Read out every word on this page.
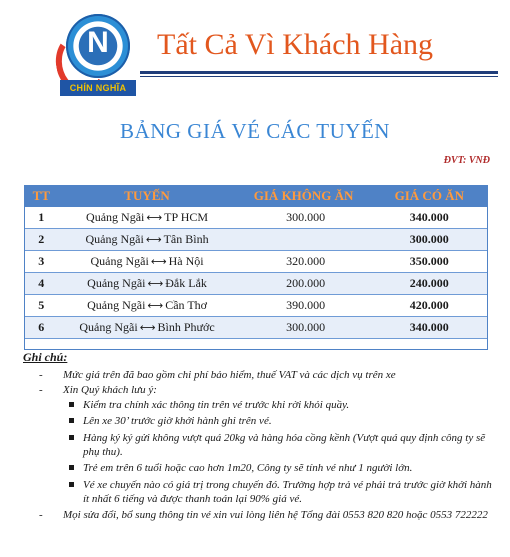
N
CHÍN NGHĨA
Tất Cả Vì Khách Hàng
BẢNG GIÁ VÉ CÁC TUYẾN
ĐVT: VNĐ
TT	TUYẾN	GIÁ KHÔNG ĂN	GIÁ CÓ ĂN
1	Quảng Ngãi ⟷ TP HCM	300.000	340.000
2	Quảng Ngãi ⟷ Tân Bình		300.000
3	Quảng Ngãi ⟷ Hà Nội	320.000	350.000
4	Quảng Ngãi ⟷ Đắk Lắk	200.000	240.000
5	Quảng Ngãi ⟷ Cần Thơ	390.000	420.000
6	Quảng Ngãi ⟷ Bình Phước	300.000	340.000
Ghi chú:
- Mức giá trên đã bao gồm chi phí bảo hiểm, thuế VAT và các dịch vụ trên xe
- Xin Quý khách lưu ý:
Kiểm tra chính xác thông tin trên vé trước khi rời khỏi quầy.
Lên xe 30’ trước giờ khởi hành ghi trên vé.
Hàng ký ký gửi không vượt quá 20kg và hàng hóa cồng kềnh (Vượt quá quy định công ty sẽ phụ thu).
Trẻ em trên 6 tuổi hoặc cao hơn 1m20, Công ty sẽ tính vé như 1 người lớn.
Vé xe chuyến nào có giá trị trong chuyến đó. Trường hợp trả vé phải trả trước giờ khởi hành ít nhất 6 tiếng và được thanh toán lại 90% giá vé.
- Mọi sửa đổi, bổ sung thông tin vé xin vui lòng liên hệ Tổng đài 0553 820 820 hoặc 0553 722222
